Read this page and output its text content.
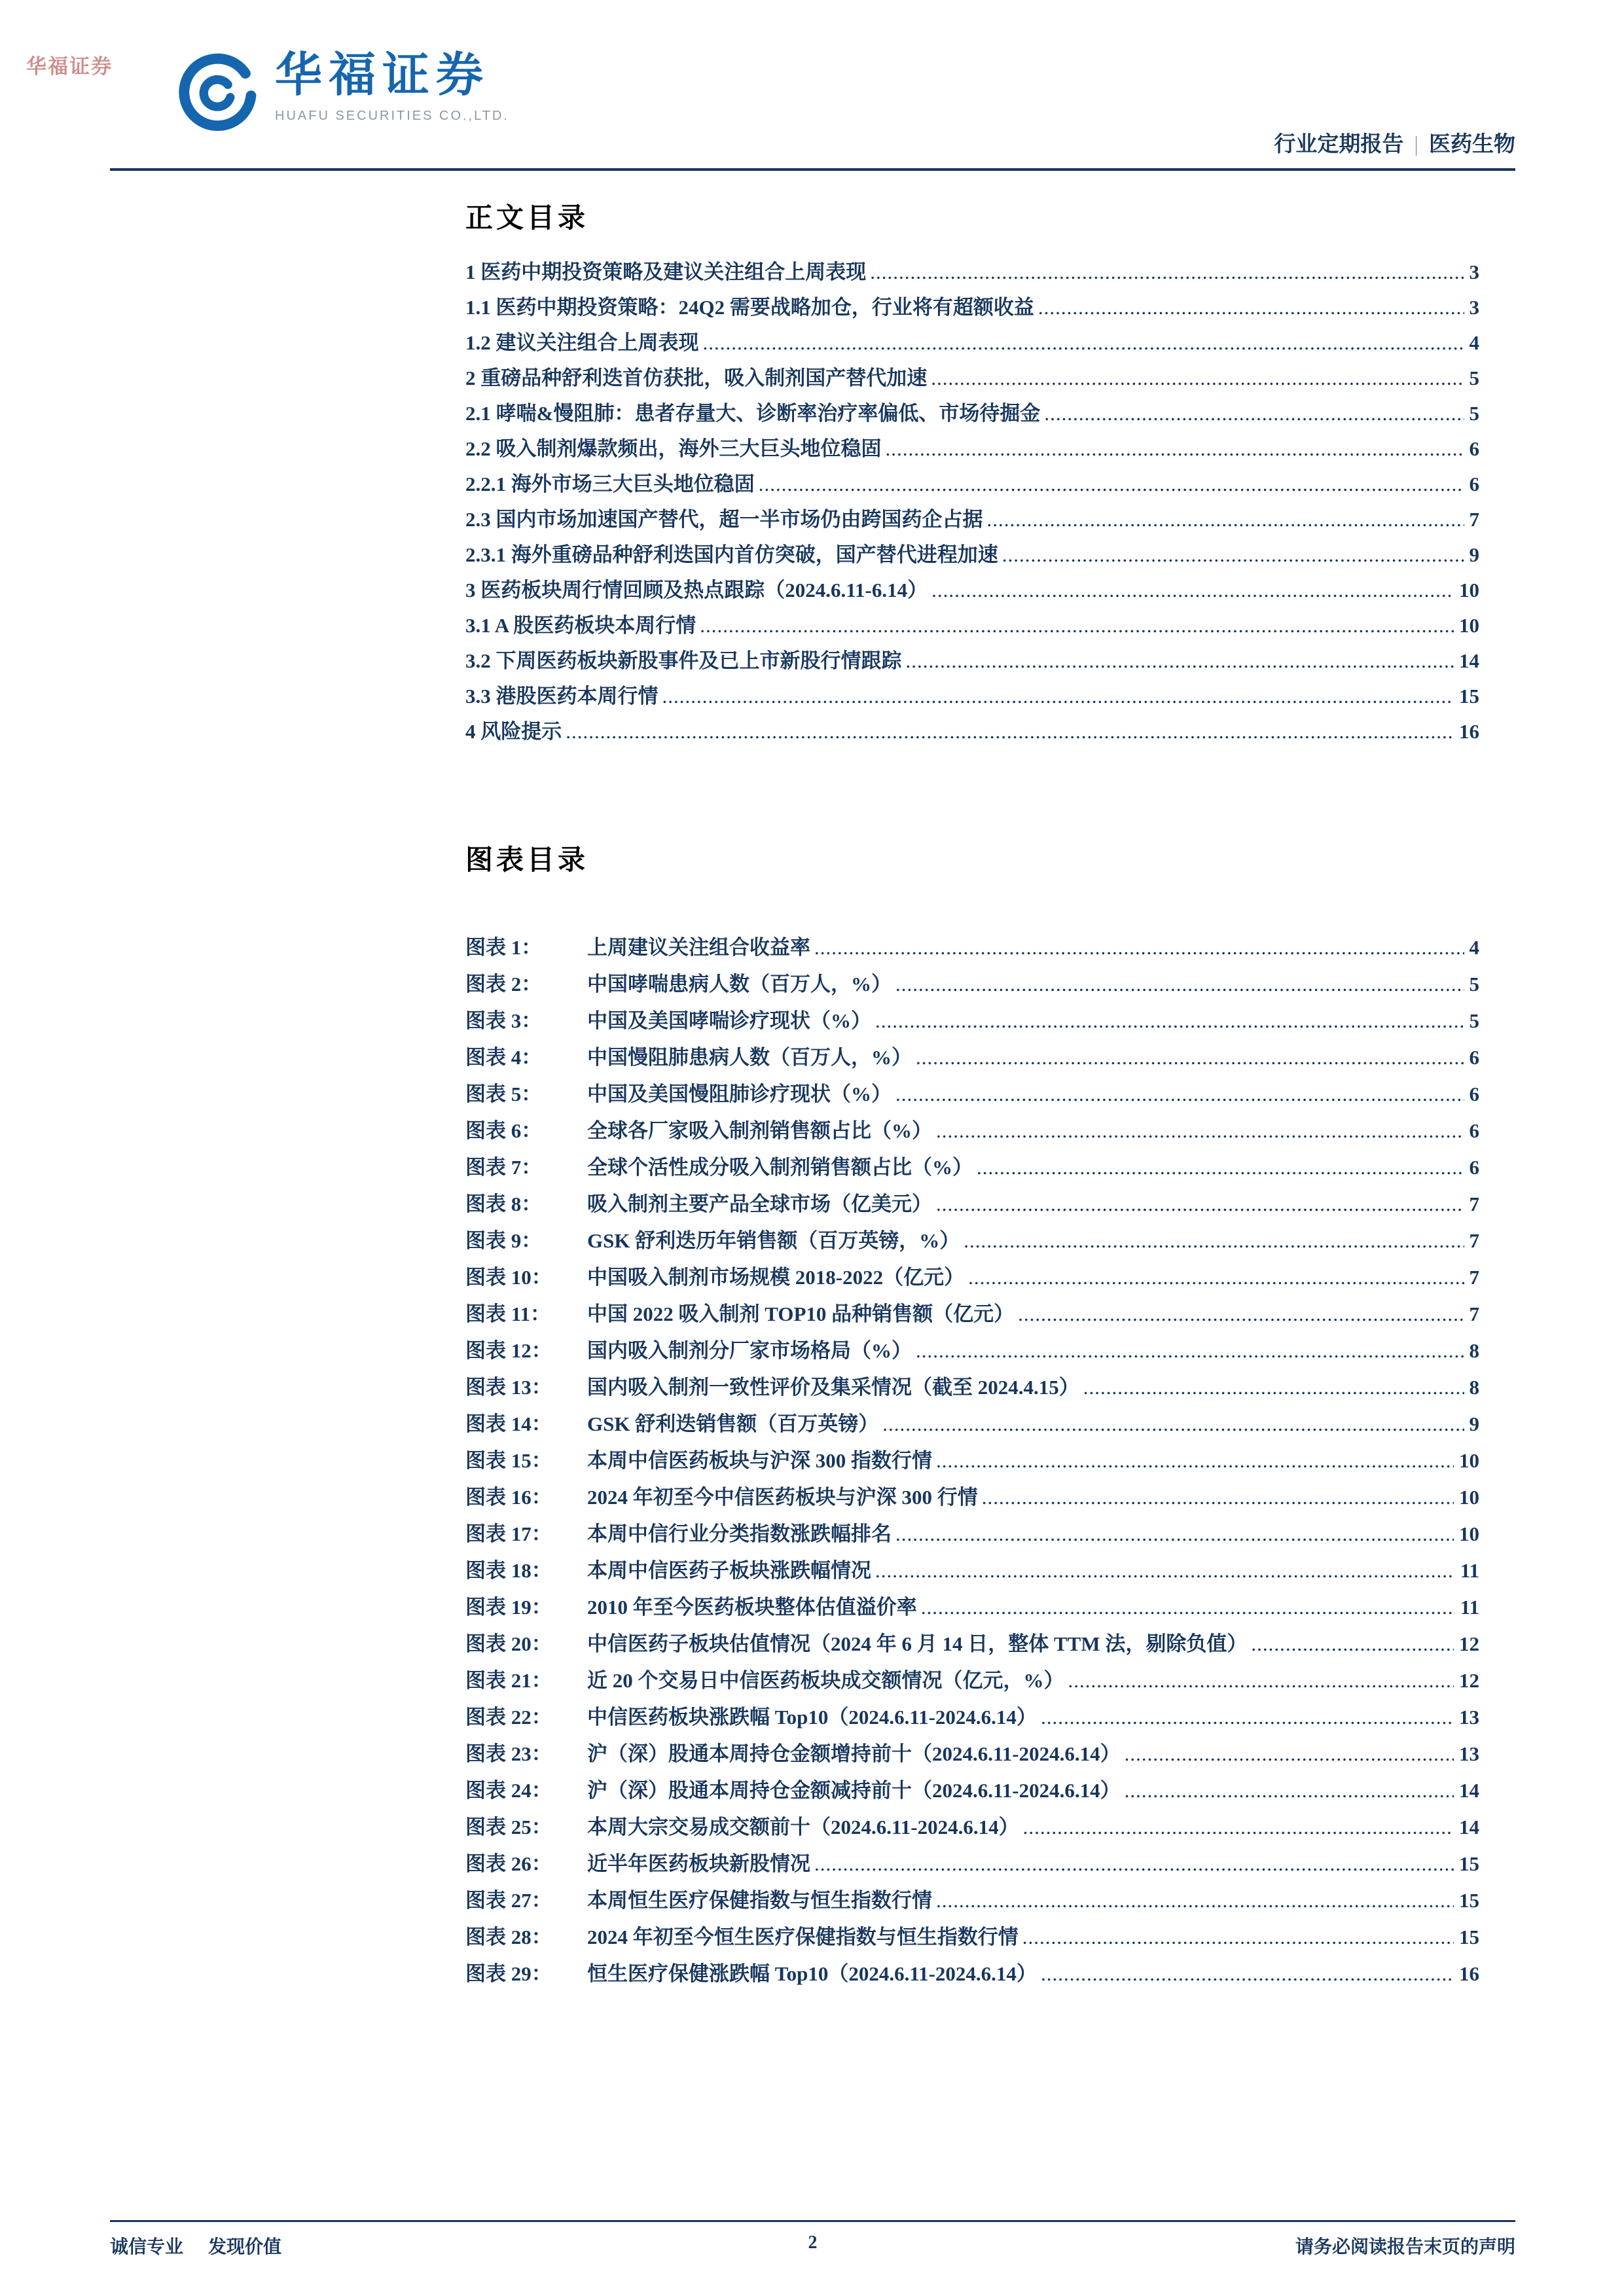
华福证券	华福证券
HUAFU SECURITIES CO.,LTD.
行业定期报告 | 医药生物
正文目录
1 医药中期投资策略及建议关注组合上周表现 .....	3
1.1 医药中期投资策略：24Q2 需要战略加仓，行业将有超额收益 .....	3
1.2 建议关注组合上周表现 .....	4
2 重磅品种舒利迭首仿获批，吸入制剂国产替代加速 .....	5
2.1 哮喘&慢阻肺：患者存量大、诊断率治疗率偏低、市场待掘金 .....	5
2.2 吸入制剂爆款频出，海外三大巨头地位稳固 .....	6
2.2.1 海外市场三大巨头地位稳固 .....	6
2.3 国内市场加速国产替代，超一半市场仍由跨国药企占据 .....	7
2.3.1 海外重磅品种舒利迭国内首仿突破，国产替代进程加速 .....	9
3 医药板块周行情回顾及热点跟踪（2024.6.11-6.14） .....	10
3.1 A 股医药板块本周行情 .....	10
3.2 下周医药板块新股事件及已上市新股行情跟踪 .....	14
3.3 港股医药本周行情 .....	15
4 风险提示 .....	16
图表目录
图表 1：	上周建议关注组合收益率 .....	4
图表 2：	中国哮喘患病人数（百万人，%） .....	5
图表 3：	中国及美国哮喘诊疗现状（%） .....	5
图表 4：	中国慢阻肺患病人数（百万人，%） .....	6
图表 5：	中国及美国慢阻肺诊疗现状（%） .....	6
图表 6：	全球各厂家吸入制剂销售额占比（%） .....	6
图表 7：	全球个活性成分吸入制剂销售额占比（%） .....	6
图表 8：	吸入制剂主要产品全球市场（亿美元） .....	7
图表 9：	GSK 舒利迭历年销售额（百万英镑，%） .....	7
图表 10：	中国吸入制剂市场规模 2018-2022（亿元） .....	7
图表 11：	中国 2022 吸入制剂 TOP10 品种销售额（亿元） .....	7
图表 12：	国内吸入制剂分厂家市场格局（%） .....	8
图表 13：	国内吸入制剂一致性评价及集采情况（截至 2024.4.15） .....	8
图表 14：	GSK 舒利迭销售额（百万英镑） .....	9
图表 15：	本周中信医药板块与沪深 300 指数行情 .....	10
图表 16：	2024 年初至今中信医药板块与沪深 300 行情 .....	10
图表 17：	本周中信行业分类指数涨跌幅排名 .....	10
图表 18：	本周中信医药子板块涨跌幅情况 .....	11
图表 19：	2010 年至今医药板块整体估值溢价率 .....	11
图表 20：	中信医药子板块估值情况（2024 年 6 月 14 日，整体 TTM 法，剔除负值） .....	12
图表 21：	近 20 个交易日中信医药板块成交额情况（亿元，%） .....	12
图表 22：	中信医药板块涨跌幅 Top10（2024.6.11-2024.6.14） .....	13
图表 23：	沪（深）股通本周持仓金额增持前十（2024.6.11-2024.6.14） .....	13
图表 24：	沪（深）股通本周持仓金额减持前十（2024.6.11-2024.6.14） .....	14
图表 25：	本周大宗交易成交额前十（2024.6.11-2024.6.14） .....	14
图表 26：	近半年医药板块新股情况 .....	15
图表 27：	本周恒生医疗保健指数与恒生指数行情 .....	15
图表 28：	2024 年初至今恒生医疗保健指数与恒生指数行情 .....	15
图表 29：	恒生医疗保健涨跌幅 Top10（2024.6.11-2024.6.14） .....	16
诚信专业 发现价值	2	请务必阅读报告末页的声明
